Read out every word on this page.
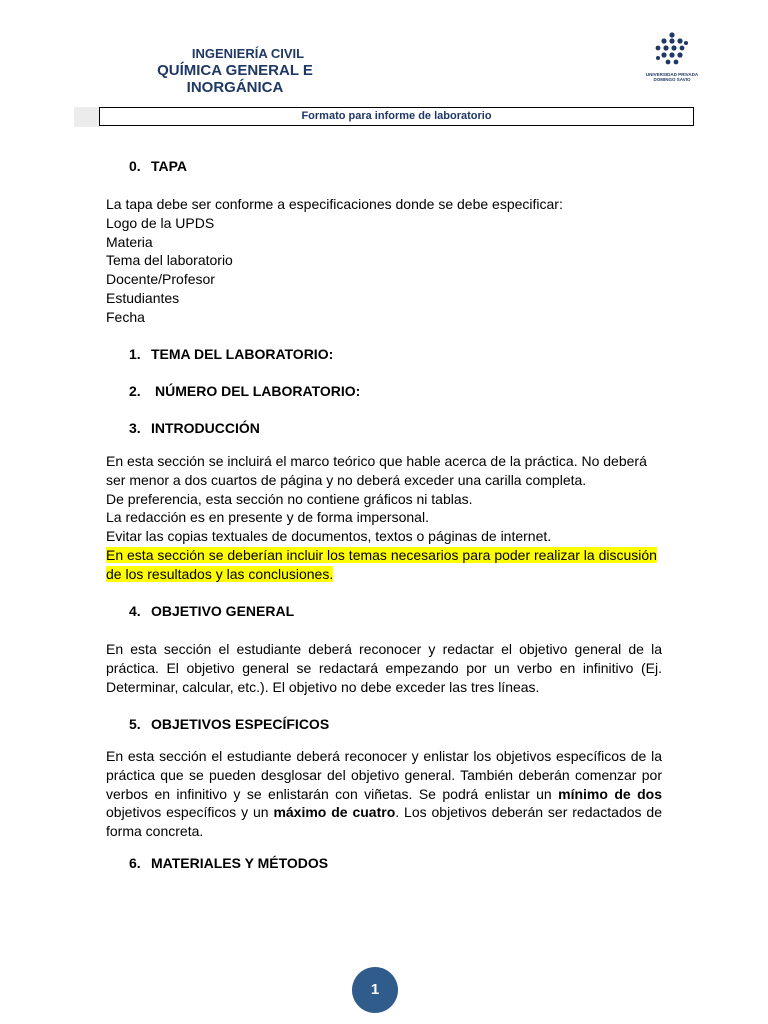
INGENIERÍA CIVIL
QUÍMICA GENERAL E INORGÁNICA
UNIVERSIDAD PRIVADA DOMINGO SAVIO
Formato para informe de laboratorio
0. TAPA
La tapa debe ser conforme a especificaciones donde se debe especificar:
Logo de la UPDS
Materia
Tema del laboratorio
Docente/Profesor
Estudiantes
Fecha
1. TEMA DEL LABORATORIO:
2. NÚMERO DEL LABORATORIO:
3. INTRODUCCIÓN
En esta sección se incluirá el marco teórico que hable acerca de la práctica. No deberá ser menor a dos cuartos de página y no deberá exceder una carilla completa.
De preferencia, esta sección no contiene gráficos ni tablas.
La redacción es en presente y de forma impersonal.
Evitar las copias textuales de documentos, textos o páginas de internet.
En esta sección se deberían incluir los temas necesarios para poder realizar la discusión de los resultados y las conclusiones.
4. OBJETIVO GENERAL
En esta sección el estudiante deberá reconocer y redactar el objetivo general de la práctica. El objetivo general se redactará empezando por un verbo en infinitivo (Ej. Determinar, calcular, etc.). El objetivo no debe exceder las tres líneas.
5. OBJETIVOS ESPECÍFICOS
En esta sección el estudiante deberá reconocer y enlistar los objetivos específicos de la práctica que se pueden desglosar del objetivo general. También deberán comenzar por verbos en infinitivo y se enlistarán con viñetas. Se podrá enlistar un mínimo de dos objetivos específicos y un máximo de cuatro. Los objetivos deberán ser redactados de forma concreta.
6. MATERIALES Y MÉTODOS
1
